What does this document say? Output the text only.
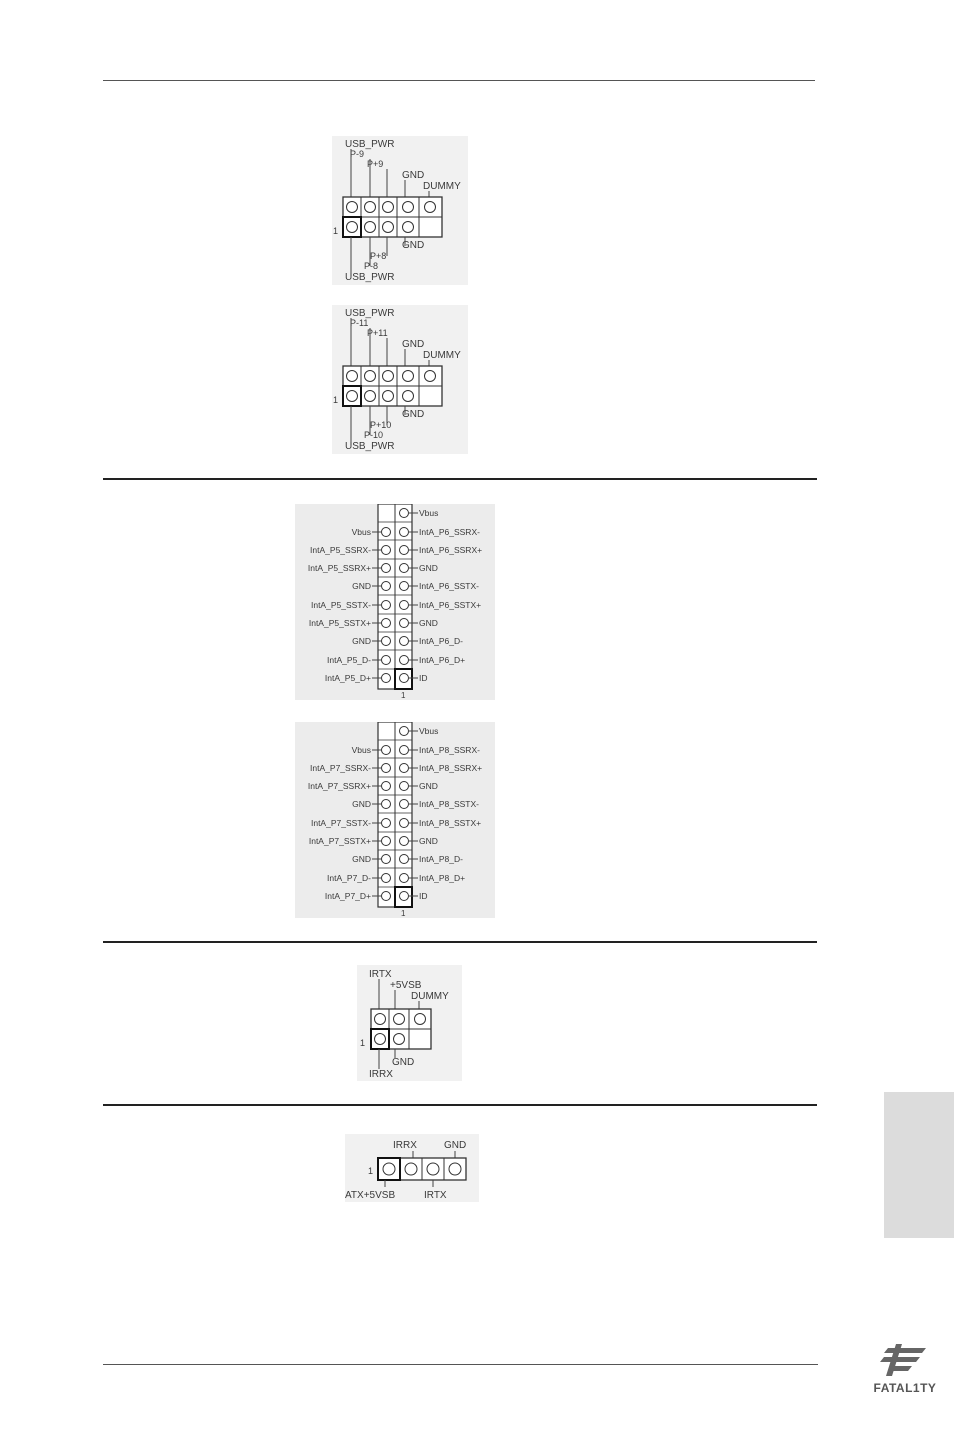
USB_PWR
P-9
P+9
GND
DUMMY
1
GND
P+8
P-8
USB_PWR
USB_PWR
P-11
P+11
GND
DUMMY
1
GND
P+10
P-10
USB_PWR
Vbus
Vbus
IntA_P5_SSRX-
IntA_P5_SSRX+
GND
IntA_P5_SSTX-
IntA_P5_SSTX+
GND
IntA_P5_D-
IntA_P5_D+
IntA_P6_SSRX-
IntA_P6_SSRX+
GND
IntA_P6_SSTX-
IntA_P6_SSTX+
GND
IntA_P6_D-
IntA_P6_D+
ID
1
Vbus
Vbus
IntA_P7_SSRX-
IntA_P7_SSRX+
GND
IntA_P7_SSTX-
IntA_P7_SSTX+
GND
IntA_P7_D-
IntA_P7_D+
IntA_P8_SSRX-
IntA_P8_SSRX+
GND
IntA_P8_SSTX-
IntA_P8_SSTX+
GND
IntA_P8_D-
IntA_P8_D+
ID
1
IRTX
+5VSB
DUMMY
1
GND
IRRX
IRRX	GND
1
ATX+5VSB	IRTX
FATAL1TY
